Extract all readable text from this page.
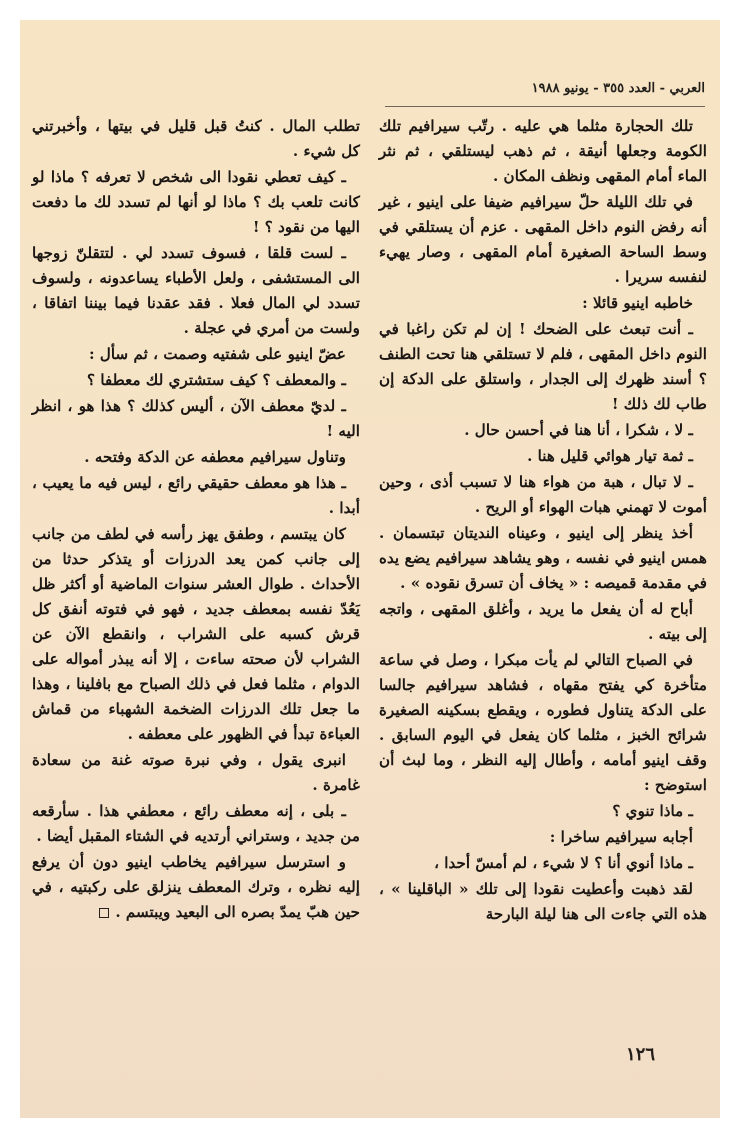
العربي - العدد ٣٥٥ - يونيو ١٩٨٨

تلك الحجارة مثلما هي عليه . رتّب سيرافيم تلك الكومة وجعلها أنيقة ، ثم ذهب ليستلقي ، ثم نثر الماء أمام المقهى ونظف المكان .

في تلك الليلة حلّ سيرافيم ضيفا على اينيو ، غير أنه رفض النوم داخل المقهى . عزم أن يستلقي في وسط الساحة الصغيرة أمام المقهى ، وصار يهيء لنفسه سريرا .

خاطبه اينيو قائلا :

ـ أنت تبعث على الضحك ! إن لم تكن راغبا في النوم داخل المقهى ، فلم لا تستلقي هنا تحت الطنف ؟ أسند ظهرك إلى الجدار ، واستلق على الدكة إن طاب لك ذلك !

ـ لا ، شكرا ، أنا هنا في أحسن حال .

ـ ثمة تيار هوائي قليل هنا .

ـ لا تبال ، هبة من هواء هنا لا تسبب أذى ، وحين أموت لا تهمني هبات الهواء أو الريح .

أخذ ينظر إلى اينيو ، وعيناه النديتان تبتسمان . همس اينيو في نفسه ، وهو يشاهد سيرافيم يضع يده في مقدمة قميصه : « يخاف أن تسرق نقوده » .

أباح له أن يفعل ما يريد ، وأغلق المقهى ، واتجه إلى بيته .

في الصباح التالي لم يأت مبكرا ، وصل في ساعة متأخرة كي يفتح مقهاه ، فشاهد سيرافيم جالسا على الدكة يتناول فطوره ، ويقطع بسكينه الصغيرة شرائح الخبز ، مثلما كان يفعل في اليوم السابق . وقف اينيو أمامه ، وأطال إليه النظر ، وما لبث أن استوضح :

ـ ماذا تنوي ؟

أجابه سيرافيم ساخرا :

ـ ماذا أنوي أنا ؟ لا شيء ، لم أمسّ أحدا ،

لقد ذهبت وأعطيت نقودا إلى تلك « الباقلينا » ، هذه التي جاءت الى هنا ليلة البارحة

تطلب المال . كنتُ قبل قليل في بيتها ، وأخبرتني كل شيء .

ـ كيف تعطي نقودا الى شخص لا تعرفه ؟ ماذا لو كانت تلعب بك ؟ ماذا لو أنها لم تسدد لك ما دفعت اليها من نقود ؟ !

ـ لست قلقا ، فسوف تسدد لي . لتتقلنّ زوجها الى المستشفى ، ولعل الأطباء يساعدونه ، ولسوف تسدد لي المال فعلا . فقد عقدنا فيما بيننا اتفاقا ، ولست من أمري في عجلة .

عضّ اينيو على شفتيه وصمت ، ثم سأل :

ـ والمعطف ؟ كيف ستشتري لك معطفا ؟

ـ لديّ معطف الآن ، أليس كذلك ؟ هذا هو ، انظر اليه !

وتناول سيرافيم معطفه عن الدكة وفتحه .

ـ هذا هو معطف حقيقي رائع ، ليس فيه ما يعيب ، أبدا .

كان يبتسم ، وطفق يهز رأسه في لطف من جانب إلى جانب كمن يعد الدرزات أو يتذكر حدثا من الأحداث . طوال العشر سنوات الماضية أو أكثر ظل يَعُدّ نفسه بمعطف جديد ، فهو في فتوته أنفق كل قرش كسبه على الشراب ، وانقطع الآن عن الشراب لأن صحته ساءت ، إلا أنه يبذر أمواله على الدوام ، مثلما فعل في ذلك الصباح مع بافلينا ، وهذا ما جعل تلك الدرزات الضخمة الشهباء من قماش العباءة تبدأ في الظهور على معطفه .

انبرى يقول ، وفي نبرة صوته غنة من سعادة غامرة .

ـ بلى ، إنه معطف رائع ، معطفي هذا . سأرقعه من جديد ، وستراني أرتديه في الشتاء المقبل أيضا .

و استرسل سيرافيم يخاطب اينيو دون أن يرفع إليه نظره ، وترك المعطف ينزلق على ركبتيه ، في حين هبّ يمدّ بصره الى البعيد ويبتسم .

١٢٦
